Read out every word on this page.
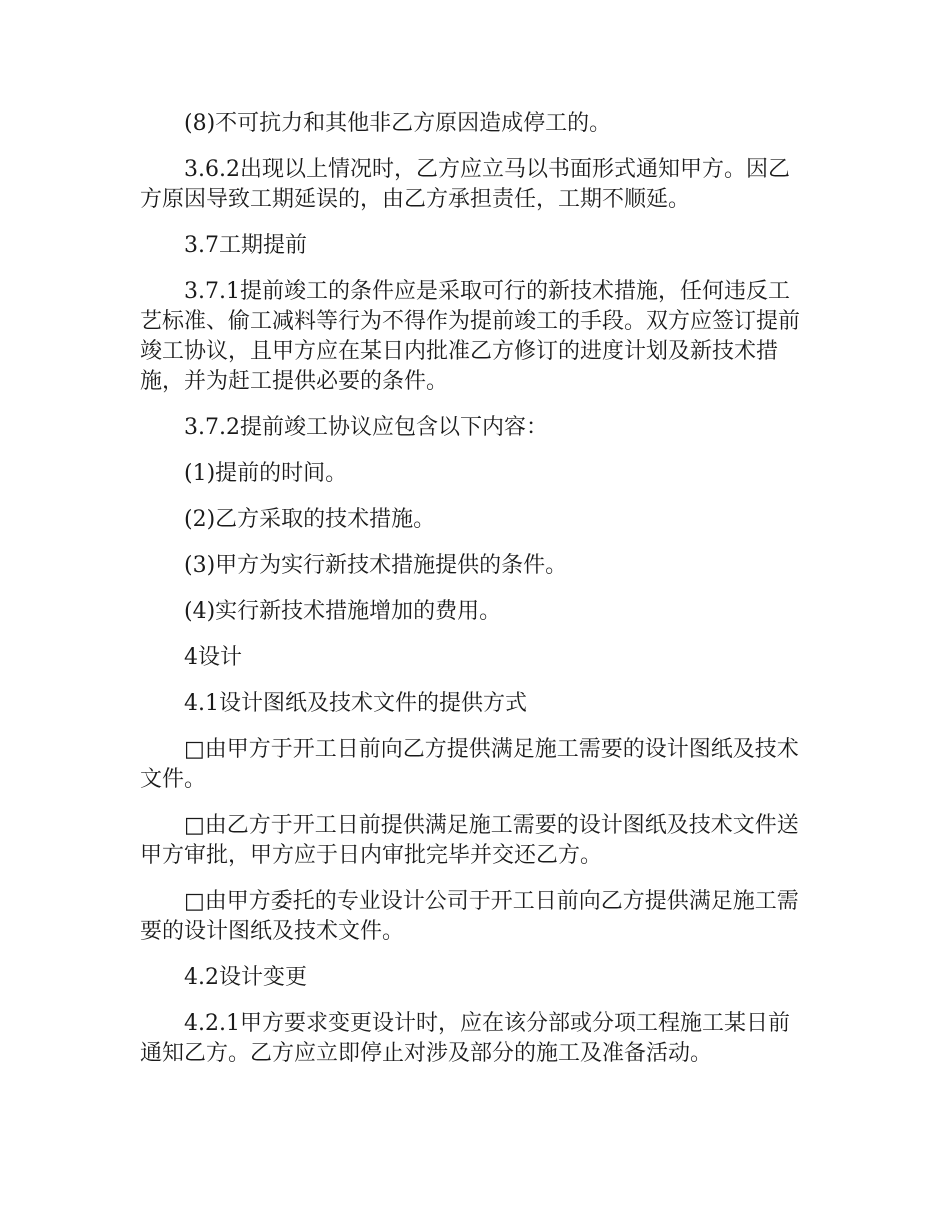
(8)不可抗力和其他非乙方原因造成停工的。

3.6.2出现以上情况时，乙方应立马以书面形式通知甲方。因乙方原因导致工期延误的，由乙方承担责任，工期不顺延。

3.7工期提前

3.7.1提前竣工的条件应是采取可行的新技术措施，任何违反工艺标准、偷工减料等行为不得作为提前竣工的手段。双方应签订提前竣工协议，且甲方应在某日内批准乙方修订的进度计划及新技术措施，并为赶工提供必要的条件。

3.7.2提前竣工协议应包含以下内容：

(1)提前的时间。

(2)乙方采取的技术措施。

(3)甲方为实行新技术措施提供的条件。

(4)实行新技术措施增加的费用。

4设计

4.1设计图纸及技术文件的提供方式

□由甲方于开工日前向乙方提供满足施工需要的设计图纸及技术文件。

□由乙方于开工日前提供满足施工需要的设计图纸及技术文件送甲方审批，甲方应于日内审批完毕并交还乙方。

□由甲方委托的专业设计公司于开工日前向乙方提供满足施工需要的设计图纸及技术文件。

4.2设计变更

4.2.1甲方要求变更设计时，应在该分部或分项工程施工某日前通知乙方。乙方应立即停止对涉及部分的施工及准备活动。
